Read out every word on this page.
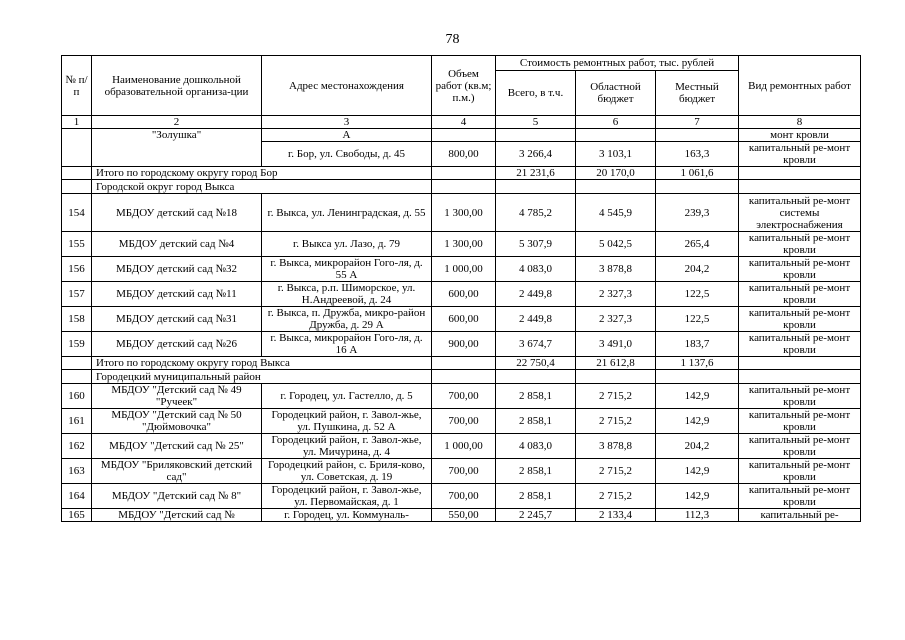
78
№ п/п	Наименование дошкольной образовательной организа-ции	Адрес местонахождения	Объем работ (кв.м; п.м.)	Стоимость ремонтных работ, тыс. рублей			Вид ремонтных работ
				Всего, в т.ч.	Областной бюджет	Местный бюджет	
1	2	3	4	5	6	7	8
	"Золушка"	А					монт кровли
		г. Бор, ул. Свободы, д. 45	800,00	3 266,4	3 103,1	163,3	капитальный ре-монт кровли
	Итого по городскому округу город Бор			21 231,6	20 170,0	1 061,6	
	Городской округ город Выкса						
154	МБДОУ детский сад №18	г. Выкса, ул. Ленинградская, д. 55	1 300,00	4 785,2	4 545,9	239,3	капитальный ре-монт системы электроснабжения
155	МБДОУ детский сад №4	г. Выкса ул. Лазо, д. 79	1 300,00	5 307,9	5 042,5	265,4	капитальный ре-монт кровли
156	МБДОУ детский сад №32	г. Выкса, микрорайон Гого-ля, д. 55 А	1 000,00	4 083,0	3 878,8	204,2	капитальный ре-монт кровли
157	МБДОУ детский сад №11	г. Выкса, р.п. Шиморское, ул. Н.Андреевой, д. 24	600,00	2 449,8	2 327,3	122,5	капитальный ре-монт кровли
158	МБДОУ детский сад №31	г. Выкса, п. Дружба, микро-район Дружба, д. 29 А	600,00	2 449,8	2 327,3	122,5	капитальный ре-монт кровли
159	МБДОУ детский сад №26	г. Выкса, микрорайон Гого-ля, д. 16 А	900,00	3 674,7	3 491,0	183,7	капитальный ре-монт кровли
	Итого по городскому округу город Выкса			22 750,4	21 612,8	1 137,6	
	Городецкий муниципальный район						
160	МБДОУ "Детский сад № 49 "Ручеек"	г. Городец, ул. Гастелло, д. 5	700,00	2 858,1	2 715,2	142,9	капитальный ре-монт кровли
161	МБДОУ "Детский сад № 50 "Дюймовочка"	Городецкий район, г. Завол-жье, ул. Пушкина, д. 52 А	700,00	2 858,1	2 715,2	142,9	капитальный ре-монт кровли
162	МБДОУ "Детский сад № 25"	Городецкий район, г. Завол-жье, ул. Мичурина, д. 4	1 000,00	4 083,0	3 878,8	204,2	капитальный ре-монт кровли
163	МБДОУ "Бриляковский детский сад"	Городецкий район, с. Бриля-ково, ул. Советская, д. 19	700,00	2 858,1	2 715,2	142,9	капитальный ре-монт кровли
164	МБДОУ "Детский сад № 8"	Городецкий район, г. Завол-жье, ул. Первомайская, д. 1	700,00	2 858,1	2 715,2	142,9	капитальный ре-монт кровли
165	МБДОУ "Детский сад №	г. Городец, ул. Коммуналь-	550,00	2 245,7	2 133,4	112,3	капитальный ре-
